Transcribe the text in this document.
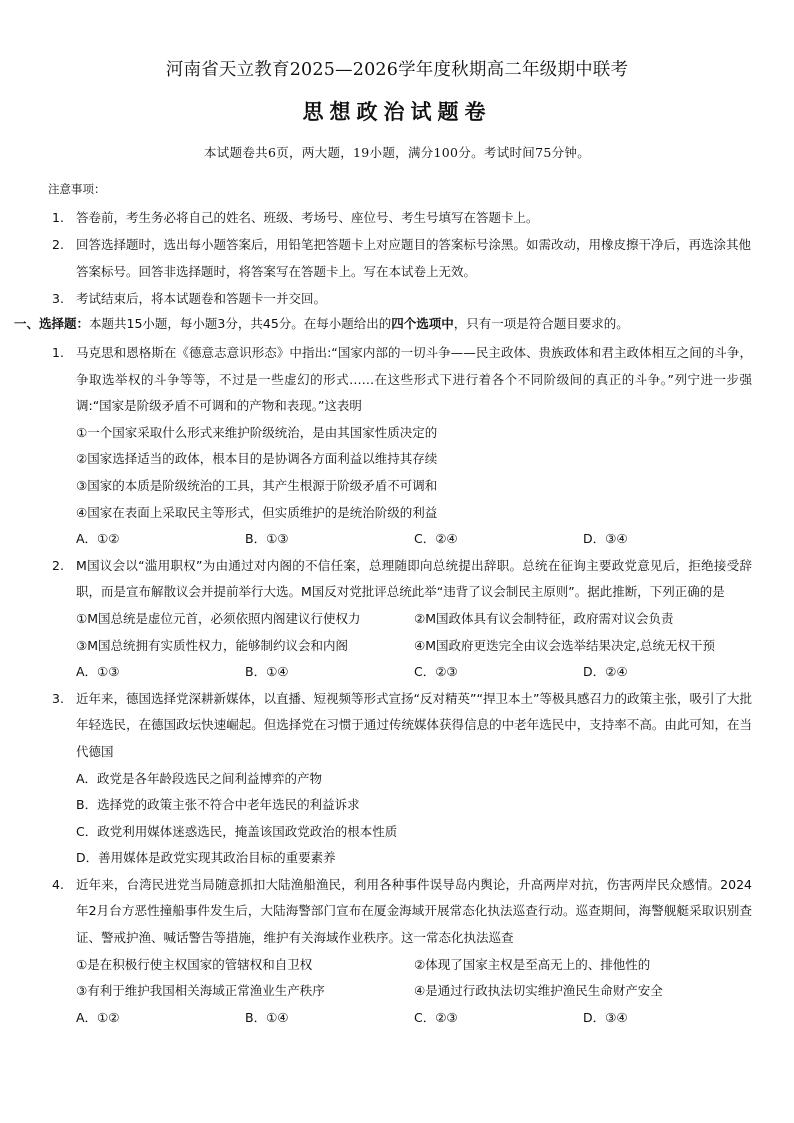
河南省天立教育2025—2026学年度秋期高二年级期中联考
思想政治试题卷
本试题卷共6页，两大题，19小题，满分100分。考试时间75分钟。
注意事项：
1. 答卷前，考生务必将自己的姓名、班级、考场号、座位号、考生号填写在答题卡上。
2. 回答选择题时，选出每小题答案后，用铅笔把答题卡上对应题目的答案标号涂黑。如需改动，用橡皮擦干净后，再选涂其他答案标号。回答非选择题时，将答案写在答题卡上。写在本试卷上无效。
3. 考试结束后，将本试题卷和答题卡一并交回。
一、选择题：本题共15小题，每小题3分，共45分。在每小题给出的四个选项中，只有一项是符合题目要求的。
1. 马克思和恩格斯在《德意志意识形态》中指出:“国家内部的一切斗争——民主政体、贵族政体和君主政体相互之间的斗争，争取选举权的斗争等等，不过是一些虚幻的形式……在这些形式下进行着各个不同阶级间的真正的斗争。”列宁进一步强调:“国家是阶级矛盾不可调和的产物和表现。”这表明
①一个国家采取什么形式来维护阶级统治，是由其国家性质决定的
②国家选择适当的政体，根本目的是协调各方面利益以维持其存续
③国家的本质是阶级统治的工具，其产生根源于阶级矛盾不可调和
④国家在表面上采取民主等形式，但实质维护的是统治阶级的利益
A．①②	B．①③	C．②④	D．③④
2. M国议会以“滥用职权”为由通过对内阁的不信任案，总理随即向总统提出辞职。总统在征询主要政党意见后，拒绝接受辞职，而是宣布解散议会并提前举行大选。M国反对党批评总统此举“违背了议会制民主原则”。据此推断，下列正确的是
①M国总统是虚位元首，必须依照内阁建议行使权力	②M国政体具有议会制特征，政府需对议会负责
③M国总统拥有实质性权力，能够制约议会和内阁	④M国政府更迭完全由议会选举结果决定,总统无权干预
A．①③	B．①④	C．②③	D．②④
3. 近年来，德国选择党深耕新媒体，以直播、短视频等形式宣扬“反对精英”“捍卫本土”等极具感召力的政策主张，吸引了大批年轻选民，在德国政坛快速崛起。但选择党在习惯于通过传统媒体获得信息的中老年选民中，支持率不高。由此可知，在当代德国
A．政党是各年龄段选民之间利益博弈的产物
B．选择党的政策主张不符合中老年选民的利益诉求
C．政党利用媒体迷惑选民，掩盖该国政党政治的根本性质
D．善用媒体是政党实现其政治目标的重要素养
4. 近年来，台湾民进党当局随意抓扣大陆渔船渔民，利用各种事件误导岛内舆论，升高两岸对抗，伤害两岸民众感情。2024年2月台方恶性撞船事件发生后，大陆海警部门宣布在厦金海域开展常态化执法巡查行动。巡查期间，海警舰艇采取识别查证、警戒护渔、喊话警告等措施，维护有关海域作业秩序。这一常态化执法巡查
①是在积极行使主权国家的管辖权和自卫权	②体现了国家主权是至高无上的、排他性的
③有利于维护我国相关海域正常渔业生产秩序	④是通过行政执法切实维护渔民生命财产安全
A．①②	B．①④	C．②③	D．③④
